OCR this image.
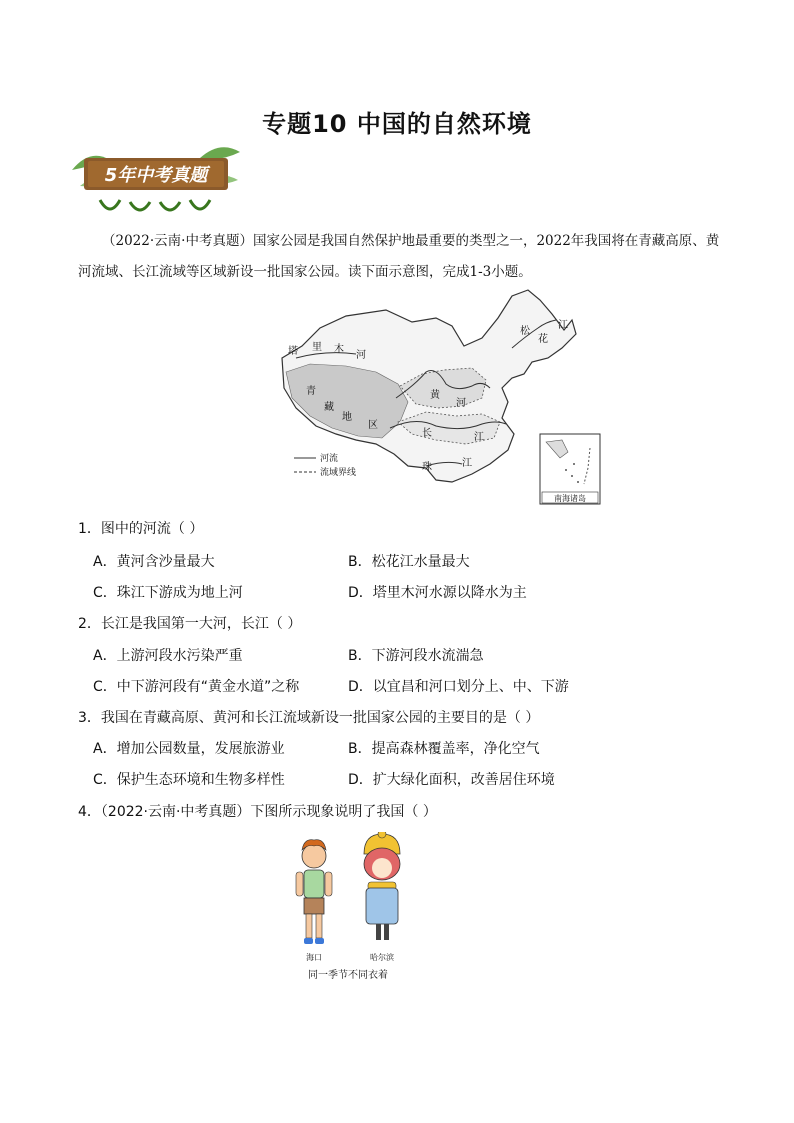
专题10 中国的自然环境
5年中考真题
（2022·云南·中考真题）国家公园是我国自然保护地最重要的类型之一，2022年我国将在青藏高原、黄河流域、长江流域等区域新设一批国家公园。读下面示意图，完成1-3小题。
塔 里 木
河
青
藏
地
区
黄
河
长	江
松
花
江
珠	江
河流
流域界线
南海诸岛
1．图中的河流（ ）
A．黄河含沙量最大	B．松花江水量最大
C．珠江下游成为地上河	D．塔里木河水源以降水为主
2．长江是我国第一大河，长江（ ）
A．上游河段水污染严重	B．下游河段水流湍急
C．中下游河段有“黄金水道”之称	D．以宜昌和河口划分上、中、下游
3．我国在青藏高原、黄河和长江流域新设一批国家公园的主要目的是（ ）
A．增加公园数量，发展旅游业	B．提高森林覆盖率，净化空气
C．保护生态环境和生物多样性	D．扩大绿化面积，改善居住环境
4．（2022·云南·中考真题）下图所示现象说明了我国（ ）
海口	哈尔滨
同一季节不同衣着
